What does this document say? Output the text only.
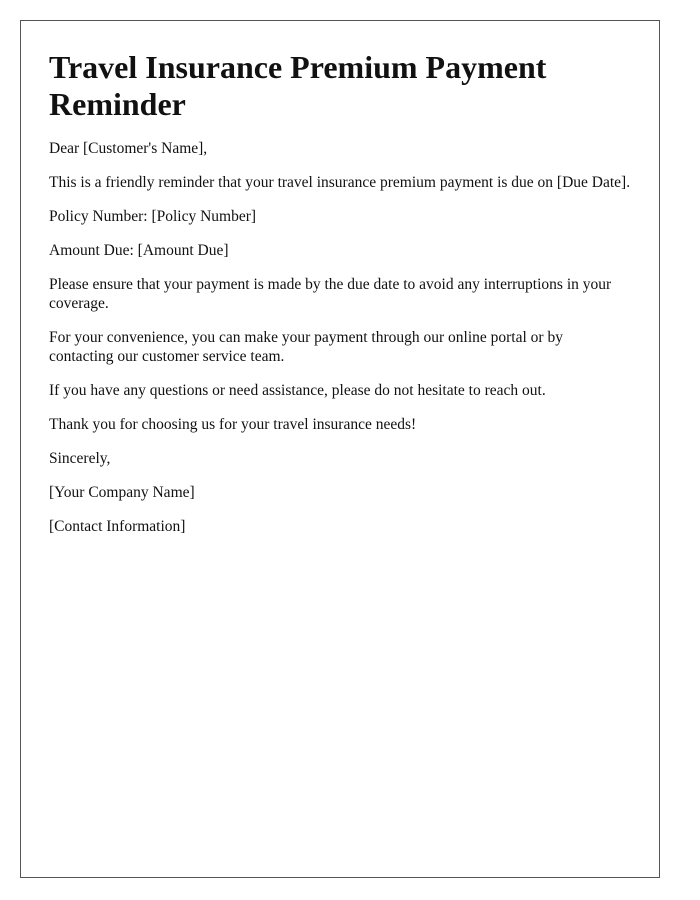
Travel Insurance Premium Payment Reminder

Dear [Customer's Name],

This is a friendly reminder that your travel insurance premium payment is due on [Due Date].

Policy Number: [Policy Number]

Amount Due: [Amount Due]

Please ensure that your payment is made by the due date to avoid any interruptions in your coverage.

For your convenience, you can make your payment through our online portal or by contacting our customer service team.

If you have any questions or need assistance, please do not hesitate to reach out.

Thank you for choosing us for your travel insurance needs!

Sincerely,

[Your Company Name]

[Contact Information]
